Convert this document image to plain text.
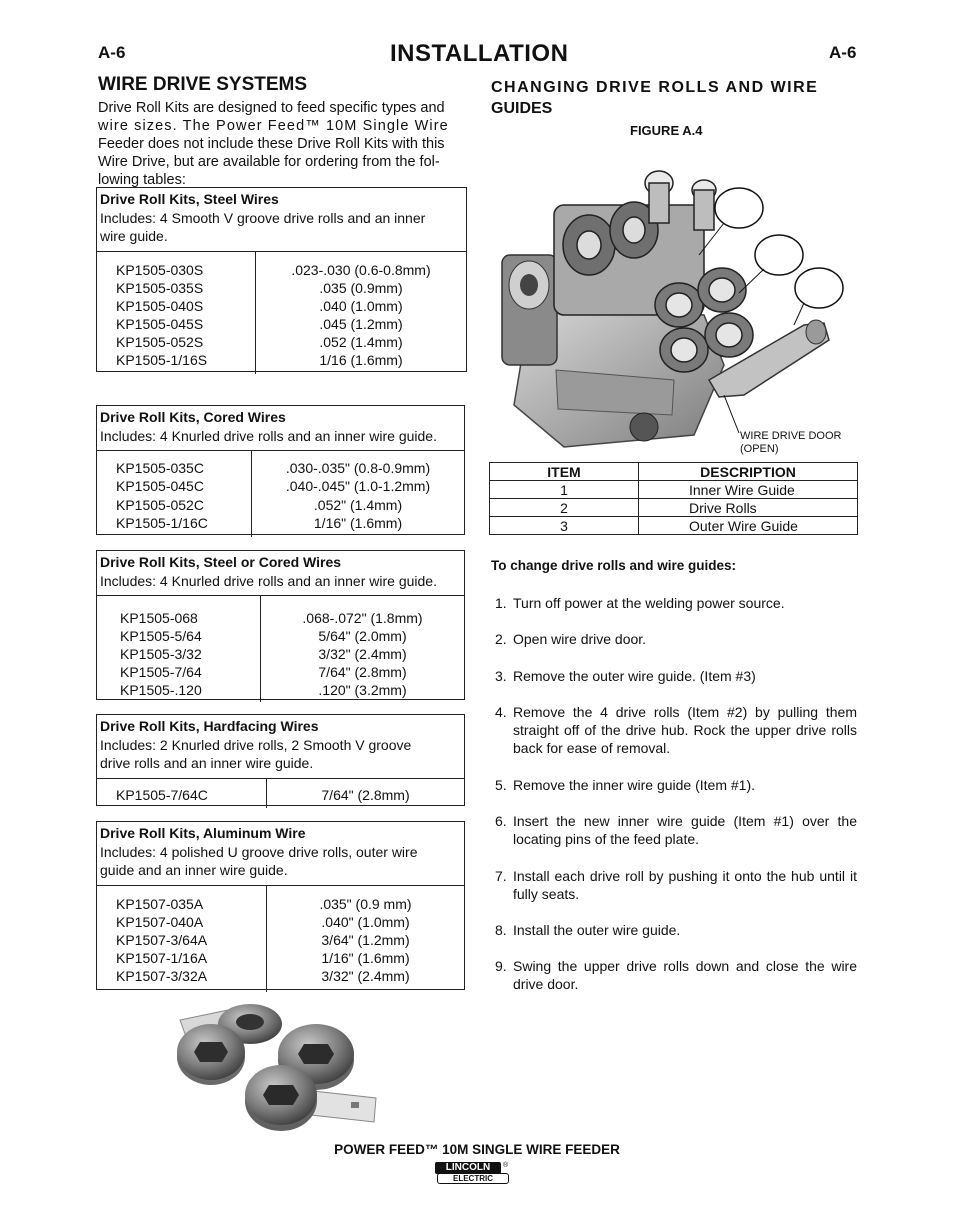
A-6	INSTALLATION	A-6
WIRE DRIVE SYSTEMS
Drive Roll Kits are designed to feed specific types and
wire sizes. The Power Feed™ 10M Single Wire
Feeder does not include these Drive Roll Kits with this
Wire Drive, but are available for ordering from the fol-
lowing tables:
Drive Roll Kits, Steel Wires
Includes: 4 Smooth V groove drive rolls and an inner
wire guide.
KP1505-030S	.023-.030 (0.6-0.8mm)
KP1505-035S	.035 (0.9mm)
KP1505-040S	.040 (1.0mm)
KP1505-045S	.045 (1.2mm)
KP1505-052S	.052 (1.4mm)
KP1505-1/16S	1/16 (1.6mm)
Drive Roll Kits, Cored Wires
Includes: 4 Knurled drive rolls and an inner wire guide.
KP1505-035C	.030-.035" (0.8-0.9mm)
KP1505-045C	.040-.045" (1.0-1.2mm)
KP1505-052C	.052" (1.4mm)
KP1505-1/16C	1/16" (1.6mm)
Drive Roll Kits, Steel or Cored Wires
Includes: 4 Knurled drive rolls and an inner wire guide.
KP1505-068	.068-.072" (1.8mm)
KP1505-5/64	5/64" (2.0mm)
KP1505-3/32	3/32" (2.4mm)
KP1505-7/64	7/64" (2.8mm)
KP1505-.120	.120" (3.2mm)
Drive Roll Kits, Hardfacing Wires
Includes: 2 Knurled drive rolls, 2 Smooth V groove
drive rolls and an inner wire guide.
KP1505-7/64C	7/64" (2.8mm)
Drive Roll Kits, Aluminum Wire
Includes: 4 polished U groove drive rolls, outer wire
guide and an inner wire guide.
KP1507-035A	.035" (0.9 mm)
KP1507-040A	.040" (1.0mm)
KP1507-3/64A	3/64" (1.2mm)
KP1507-1/16A	1/16" (1.6mm)
KP1507-3/32A	3/32" (2.4mm)
CHANGING DRIVE ROLLS AND WIRE
GUIDES
FIGURE A.4
WIRE DRIVE DOOR
(OPEN)
ITEM	DESCRIPTION
1	Inner Wire Guide
2	Drive Rolls
3	Outer Wire Guide
To change drive rolls and wire guides:
1. Turn off power at the welding power source.
2. Open wire drive door.
3. Remove the outer wire guide. (Item #3)
4. Remove the 4 drive rolls (Item #2) by pulling them straight off of the drive hub. Rock the upper drive rolls back for ease of removal.
5. Remove the inner wire guide (Item #1).
6. Insert the new inner wire guide (Item #1) over the locating pins of the feed plate.
7. Install each drive roll by pushing it onto the hub until it fully seats.
8. Install the outer wire guide.
9. Swing the upper drive rolls down and close the wire drive door.
POWER FEED™ 10M SINGLE WIRE FEEDER
LINCOLN	®
ELECTRIC
